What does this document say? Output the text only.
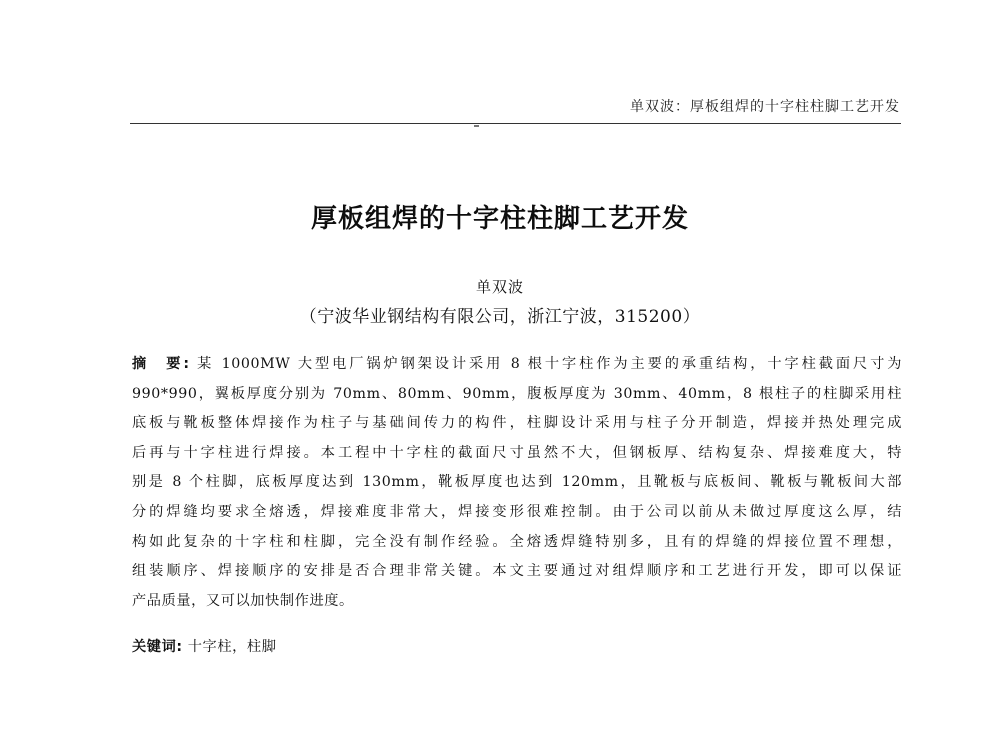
单双波：厚板组焊的十字柱柱脚工艺开发
厚板组焊的十字柱柱脚工艺开发
单双波
（宁波华业钢结构有限公司，浙江宁波，315200）
摘　要: 某 1000MW 大型电厂锅炉钢架设计采用 8 根十字柱作为主要的承重结构，十字柱截面尺寸为
990*990，翼板厚度分别为 70mm、80mm、90mm，腹板厚度为 30mm、40mm，8 根柱子的柱脚采用柱
底板与靴板整体焊接作为柱子与基础间传力的构件，柱脚设计采用与柱子分开制造，焊接并热处理完成
后再与十字柱进行焊接。本工程中十字柱的截面尺寸虽然不大，但钢板厚、结构复杂、焊接难度大，特
别是 8 个柱脚，底板厚度达到 130mm，靴板厚度也达到 120mm，且靴板与底板间、靴板与靴板间大部
分的焊缝均要求全熔透，焊接难度非常大，焊接变形很难控制。由于公司以前从未做过厚度这么厚，结
构如此复杂的十字柱和柱脚，完全没有制作经验。全熔透焊缝特别多，且有的焊缝的焊接位置不理想，
组装顺序、焊接顺序的安排是否合理非常关键。本文主要通过对组焊顺序和工艺进行开发，即可以保证
产品质量，又可以加快制作进度。
关键词: 十字柱，柱脚
